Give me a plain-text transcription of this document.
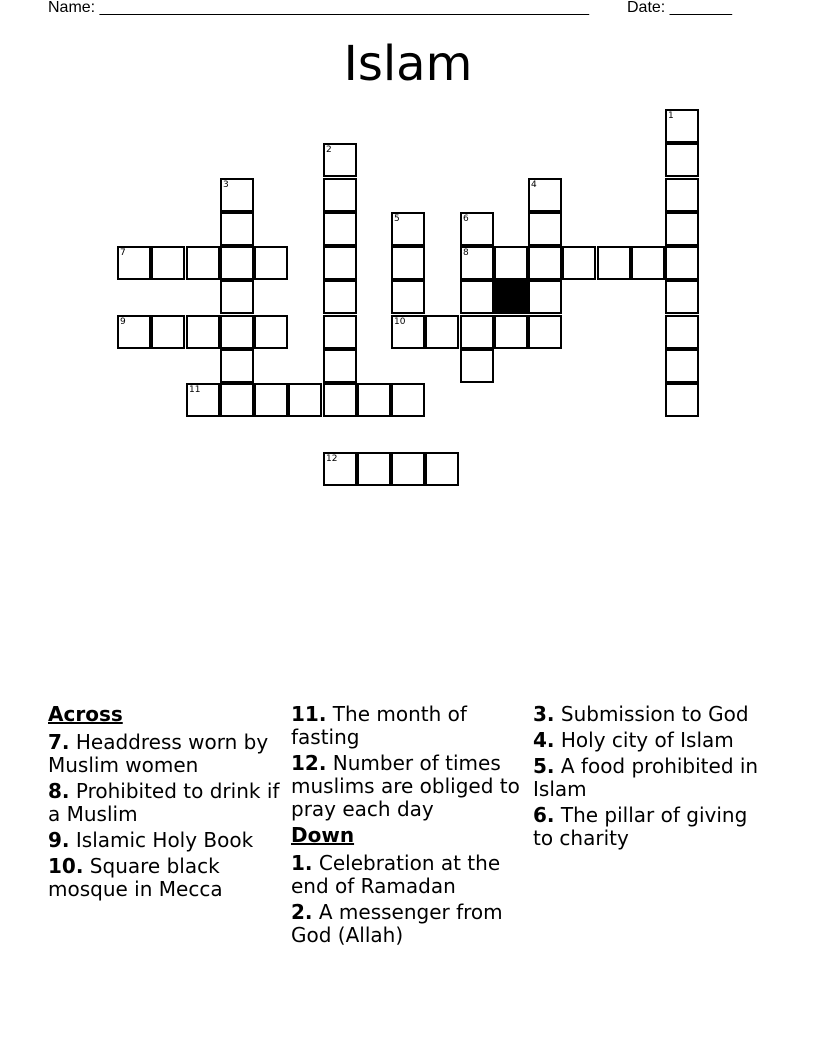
Name: _______________________________________________________ Date: _______
Islam
1
2
3	4
5	6
7	8
9	10
11
12
Across
7. Headdress worn by Muslim women
8. Prohibited to drink if a Muslim
9. Islamic Holy Book
10. Square black mosque in Mecca
11. The month of fasting
12. Number of times muslims are obliged to pray each day
Down
1. Celebration at the end of Ramadan
2. A messenger from God (Allah)
3. Submission to God
4. Holy city of Islam
5. A food prohibited in Islam
6. The pillar of giving to charity
